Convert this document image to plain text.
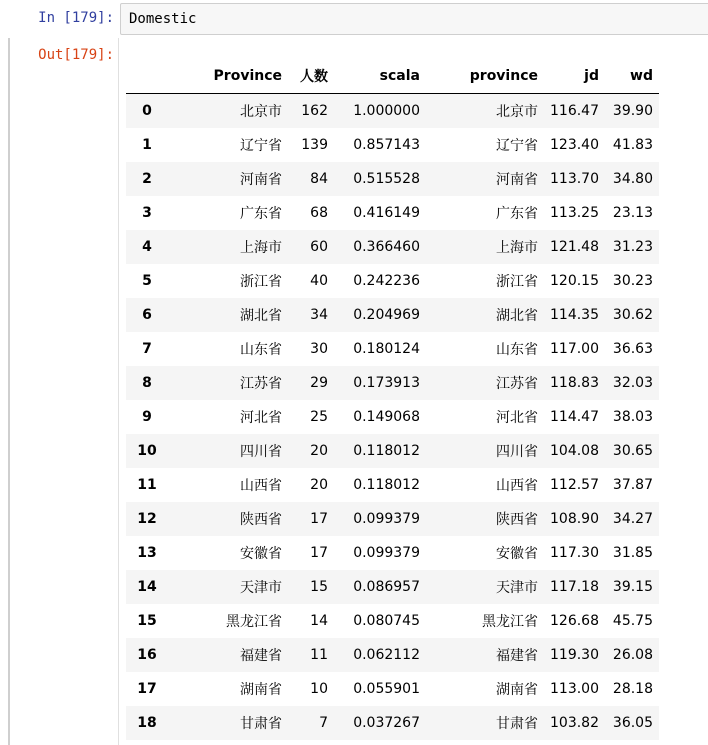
In [179]:	Domestic
Out[179]:
	Province	人数	scala	province	jd	wd
0	北京市	162	1.000000	北京市	116.47	39.90
1	辽宁省	139	0.857143	辽宁省	123.40	41.83
2	河南省	84	0.515528	河南省	113.70	34.80
3	广东省	68	0.416149	广东省	113.25	23.13
4	上海市	60	0.366460	上海市	121.48	31.23
5	浙江省	40	0.242236	浙江省	120.15	30.23
6	湖北省	34	0.204969	湖北省	114.35	30.62
7	山东省	30	0.180124	山东省	117.00	36.63
8	江苏省	29	0.173913	江苏省	118.83	32.03
9	河北省	25	0.149068	河北省	114.47	38.03
10	四川省	20	0.118012	四川省	104.08	30.65
11	山西省	20	0.118012	山西省	112.57	37.87
12	陕西省	17	0.099379	陕西省	108.90	34.27
13	安徽省	17	0.099379	安徽省	117.30	31.85
14	天津市	15	0.086957	天津市	117.18	39.15
15	黑龙江省	14	0.080745	黑龙江省	126.68	45.75
16	福建省	11	0.062112	福建省	119.30	26.08
17	湖南省	10	0.055901	湖南省	113.00	28.18
18	甘肃省	7	0.037267	甘肃省	103.82	36.05
